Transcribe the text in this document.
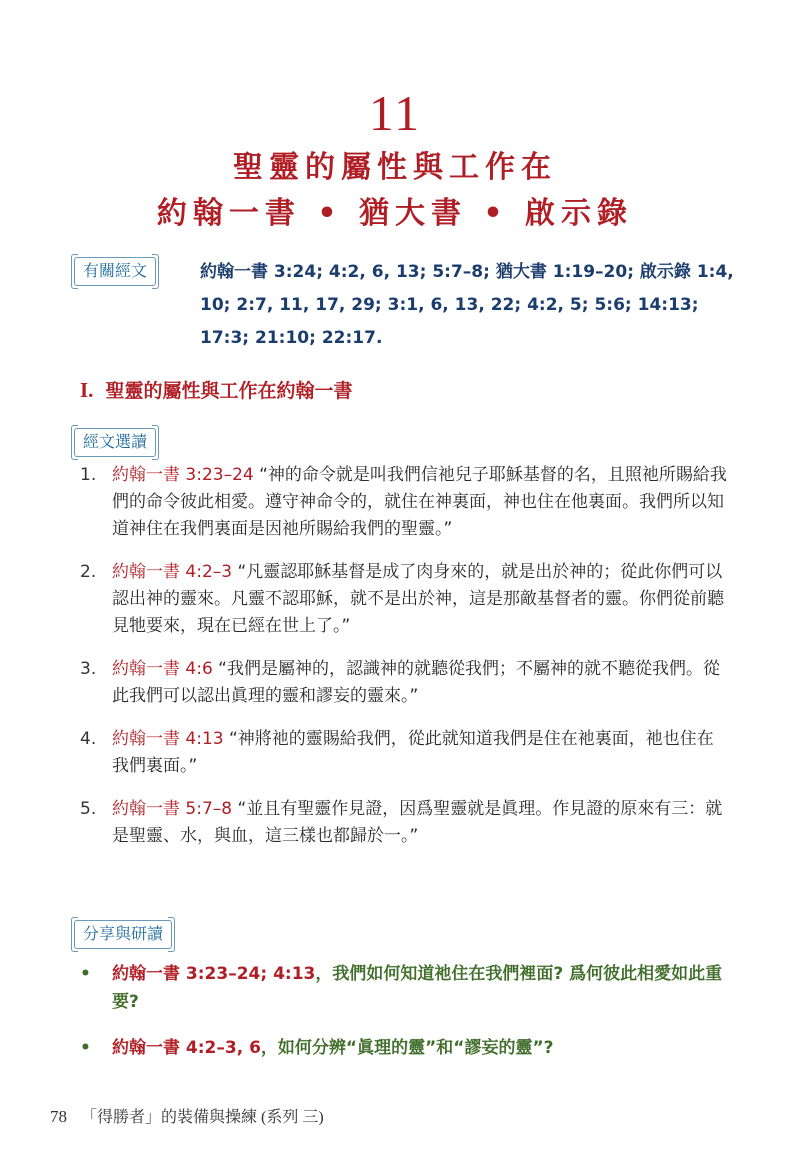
11
聖靈的屬性與工作在
約翰一書 • 猶大書 • 啟示錄
有關經文	約翰一書 3:24; 4:2, 6, 13; 5:7–8; 猶大書 1:19–20; 啟示錄 1:4, 10; 2:7, 11, 17, 29; 3:1, 6, 13, 22; 4:2, 5; 5:6; 14:13; 17:3; 21:10; 22:17.
I. 聖靈的屬性與工作在約翰一書
經文選讀
1. 約翰一書 3:23–24 “神的命令就是叫我們信祂兒子耶穌基督的名，且照祂所賜給我們的命令彼此相愛。遵守神命令的，就住在神裏面，神也住在他裏面。我們所以知道神住在我們裏面是因祂所賜給我們的聖靈。”
2. 約翰一書 4:2–3 “凡靈認耶穌基督是成了肉身來的，就是出於神的；從此你們可以認出神的靈來。凡靈不認耶穌，就不是出於神，這是那敵基督者的靈。你們從前聽見牠要來，現在已經在世上了。”
3. 約翰一書 4:6 “我們是屬神的，認識神的就聽從我們；不屬神的就不聽從我們。從此我們可以認出眞理的靈和謬妄的靈來。”
4. 約翰一書 4:13 “神將祂的靈賜給我們，從此就知道我們是住在祂裏面，祂也住在我們裏面。”
5. 約翰一書 5:7–8 “並且有聖靈作見證，因爲聖靈就是眞理。作見證的原來有三：就是聖靈、水，與血，這三樣也都歸於一。”
分享與研讀
•	約翰一書 3:23–24; 4:13，我們如何知道祂住在我們裡面? 爲何彼此相愛如此重要?
•	約翰一書 4:2–3, 6，如何分辨“眞理的靈”和“謬妄的靈”?
78 「得勝者」的裝備與操練 (系列 三)
